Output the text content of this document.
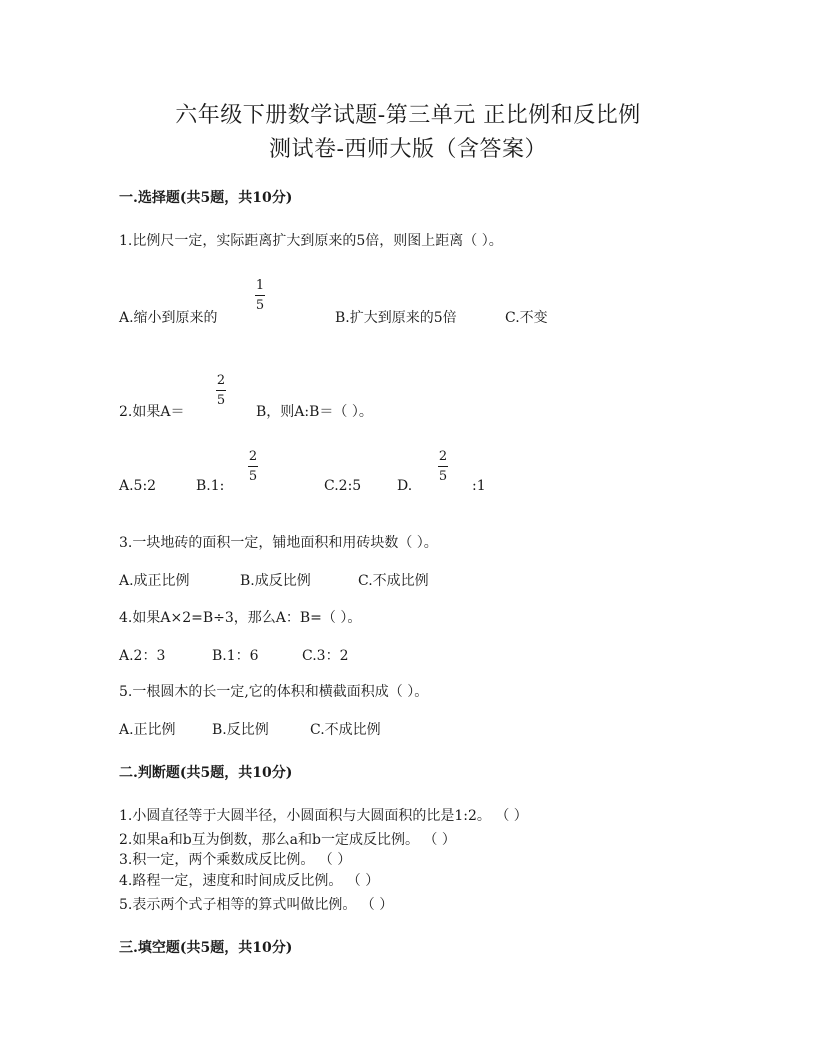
六年级下册数学试题-第三单元 正比例和反比例
测试卷-西师大版（含答案）
一.选择题(共5题，共10分)
1.比例尺一定，实际距离扩大到原来的5倍，则图上距离（ ）。
A.缩小到原来的
1
5
B.扩大到原来的5倍	C.不变
2.如果A＝
2
5
B，则A:B＝（ ）。
A.5:2	B.1:
2
5
C.2:5	D.
2
5
:1
3.一块地砖的面积一定，铺地面积和用砖块数（ ）。
A.成正比例	B.成反比例	C.不成比例
4.如果A×2=B÷3，那么A：B=（ ）。
A.2：3	B.1：6	C.3：2
5.一根圆木的长一定,它的体积和横截面积成（ ）。
A.正比例	B.反比例	C.不成比例
二.判断题(共5题，共10分)
1.小圆直径等于大圆半径，小圆面积与大圆面积的比是1:2。 （ ）
2.如果a和b互为倒数，那么a和b一定成反比例。 （ ）
3.积一定，两个乘数成反比例。 （ ）
4.路程一定，速度和时间成反比例。 （ ）
5.表示两个式子相等的算式叫做比例。 （ ）
三.填空题(共5题，共10分)
